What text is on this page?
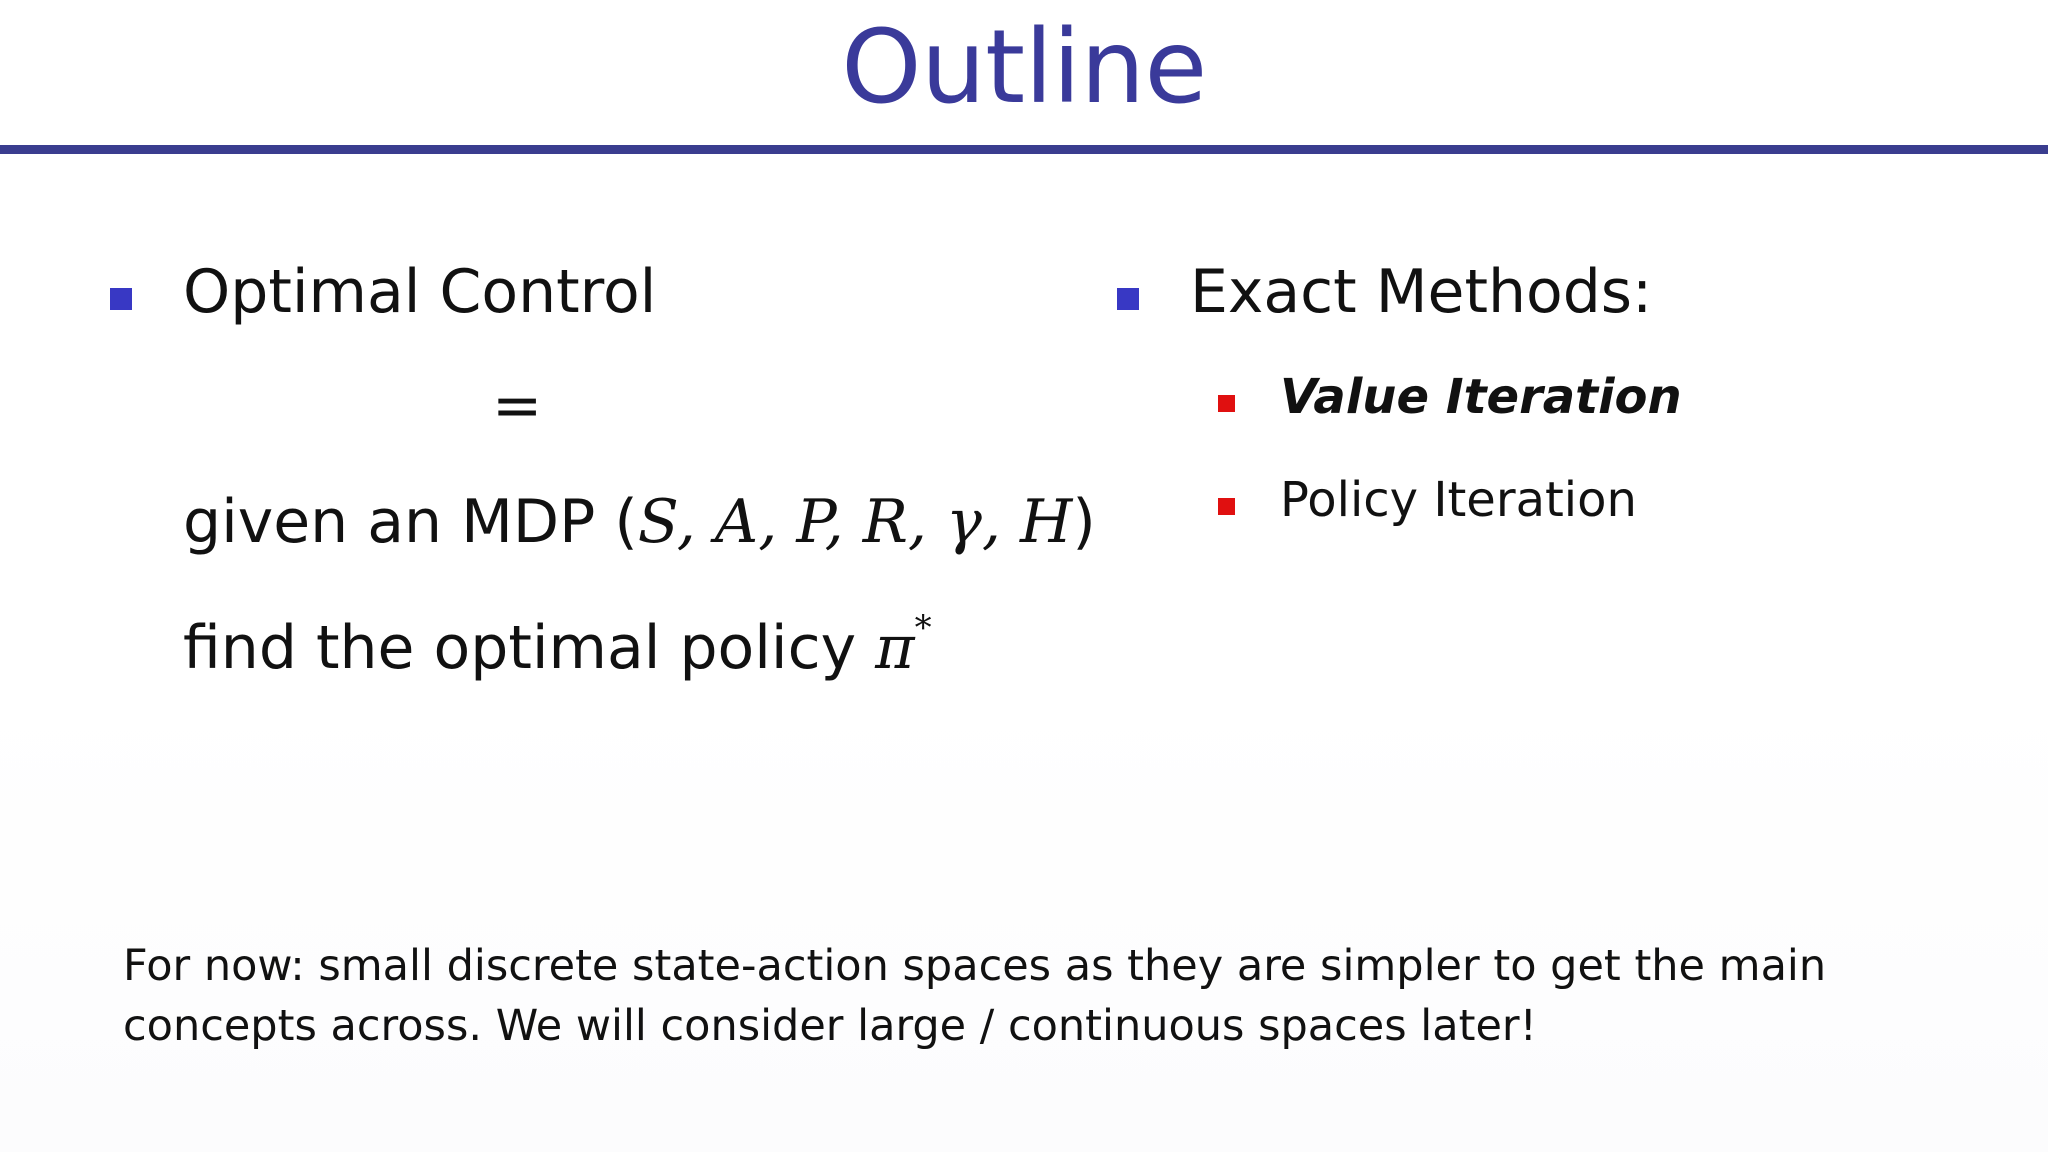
Outline
Optimal Control
=
given an MDP (S, A, P, R, γ, H)
find the optimal policy π*
Exact Methods:
Value Iteration
Policy Iteration
For now: small discrete state-action spaces as they are simpler to get the main
concepts across. We will consider large / continuous spaces later!
